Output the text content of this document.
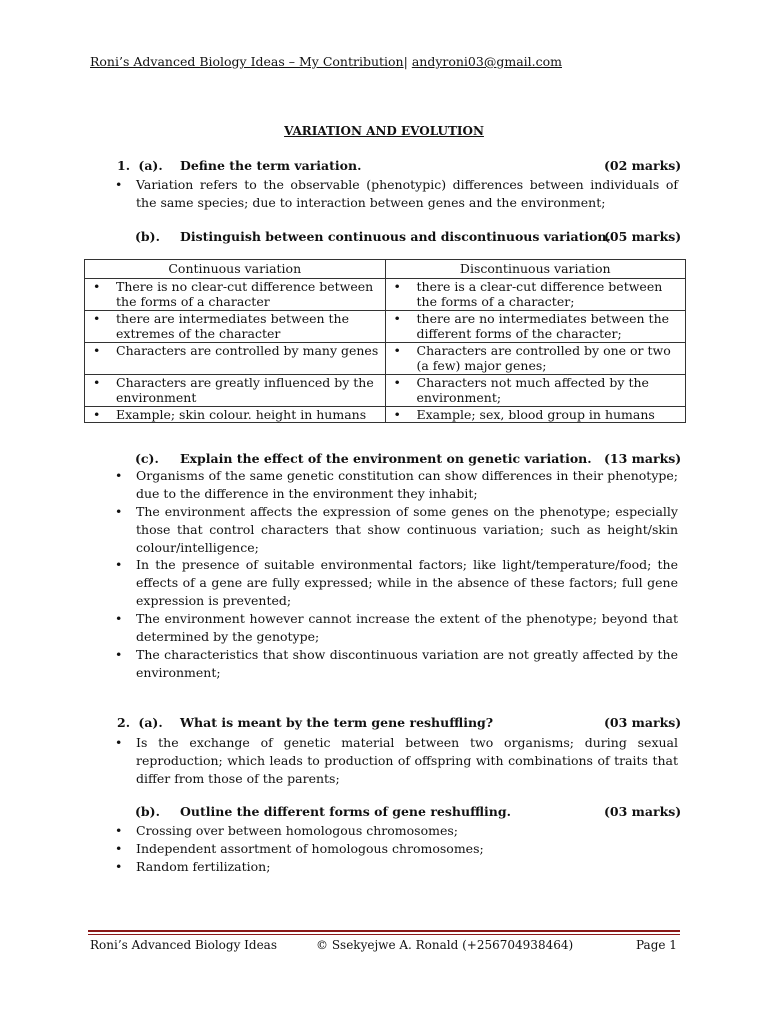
Roni’s Advanced Biology Ideas – My Contribution| andyroni03@gmail.com
VARIATION AND EVOLUTION
1. (a). Define the term variation.	(02 marks)
• Variation refers to the observable (phenotypic) differences between individuals of the same species; due to interaction between genes and the environment;
(b). Distinguish between continuous and discontinuous variation.
(05 marks)
Continuous variation	Discontinuous variation

• There is no clear-cut difference between the forms of a character	• there is a clear-cut difference between the forms of a character;

• there are intermediates between the extremes of the character	• there are no intermediates between the different forms of the character;

• Characters are controlled by many genes	• Characters are controlled by one or two (a few) major genes;

• Characters are greatly influenced by the environment	• Characters not much affected by the environment;

• Example; skin colour. height in humans	• Example; sex, blood group in humans
(c). Explain the effect of the environment on genetic variation. (13 marks)
• Organisms of the same genetic constitution can show differences in their phenotype; due to the difference in the environment they inhabit;
• The environment affects the expression of some genes on the phenotype; especially those that control characters that show continuous variation; such as height/skin colour/intelligence;
• In the presence of suitable environmental factors; like light/temperature/food; the effects of a gene are fully expressed; while in the absence of these factors; full gene expression is prevented;
• The environment however cannot increase the extent of the phenotype; beyond that determined by the genotype;
• The characteristics that show discontinuous variation are not greatly affected by the environment;
2. (a). What is meant by the term gene reshuffling?	(03 marks)
• Is the exchange of genetic material between two organisms; during sexual reproduction; which leads to production of offspring with combinations of traits that differ from those of the parents;
(b). Outline the different forms of gene reshuffling.	(03 marks)
• Crossing over between homologous chromosomes;
• Independent assortment of homologous chromosomes;
• Random fertilization;
Roni’s Advanced Biology Ideas	© Ssekyejwe A. Ronald (+256704938464)	Page 1
